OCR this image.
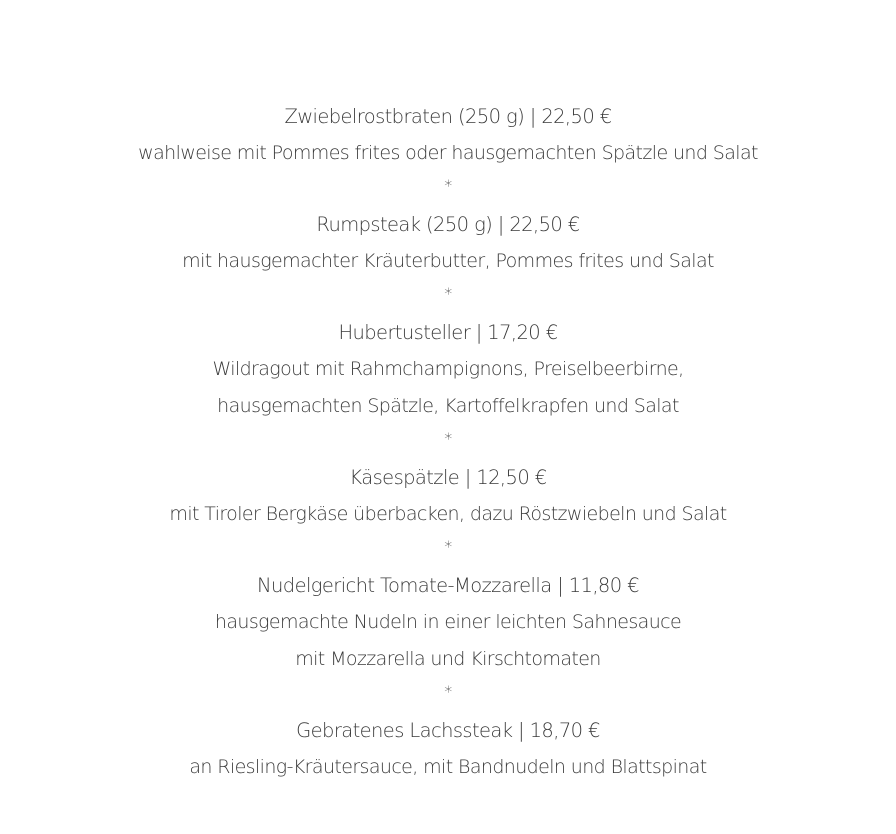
Zwiebelrostbraten (250 g) | 22,50 €
wahlweise mit Pommes frites oder hausgemachten Spätzle und Salat
*
Rumpsteak (250 g) | 22,50 €
mit hausgemachter Kräuterbutter, Pommes frites und Salat
*
Hubertusteller | 17,20 €
Wildragout mit Rahmchampignons, Preiselbeerbirne,
hausgemachten Spätzle, Kartoffelkrapfen und Salat
*
Käsespätzle | 12,50 €
mit Tiroler Bergkäse überbacken, dazu Röstzwiebeln und Salat
*
Nudelgericht Tomate-Mozzarella | 11,80 €
hausgemachte Nudeln in einer leichten Sahnesauce
mit Mozzarella und Kirschtomaten
*
Gebratenes Lachssteak | 18,70 €
an Riesling-Kräutersauce, mit Bandnudeln und Blattspinat
